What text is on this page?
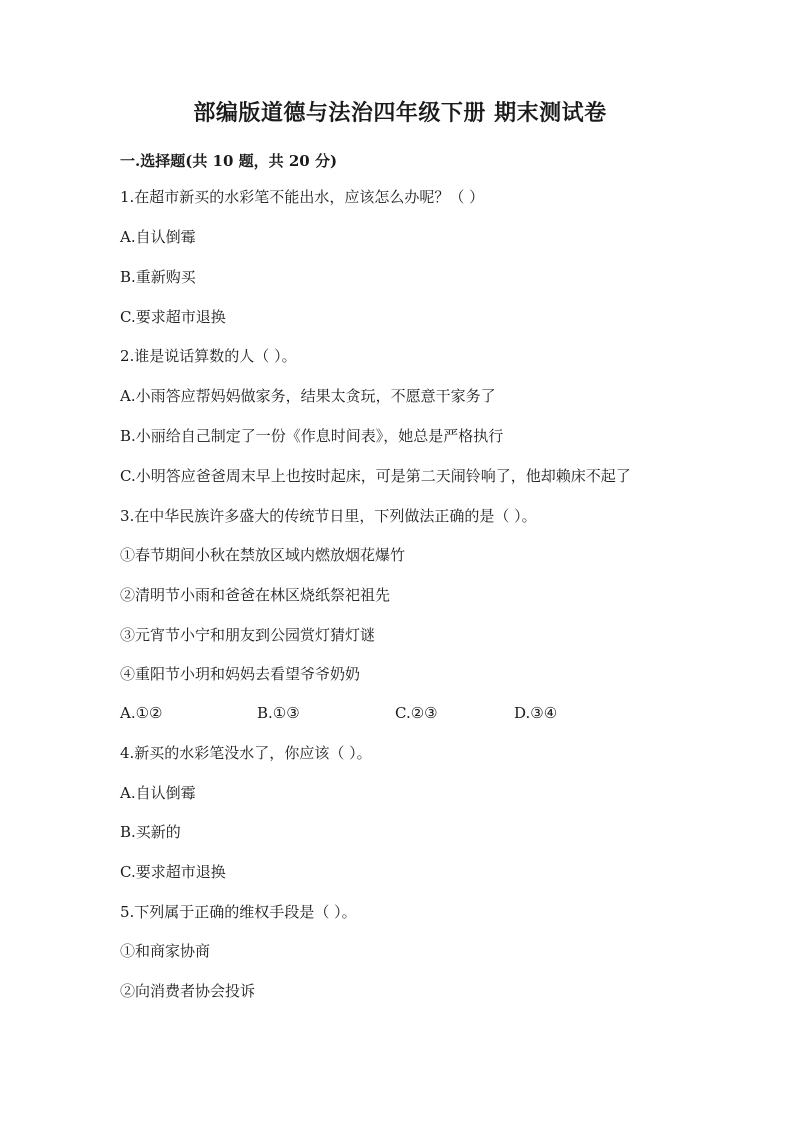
部编版道德与法治四年级下册 期末测试卷
一.选择题(共 10 题，共 20 分)
1.在超市新买的水彩笔不能出水，应该怎么办呢？（ ）
A.自认倒霉
B.重新购买
C.要求超市退换
2.谁是说话算数的人（ ）。
A.小雨答应帮妈妈做家务，结果太贪玩，不愿意干家务了
B.小丽给自己制定了一份《作息时间表》，她总是严格执行
C.小明答应爸爸周末早上也按时起床，可是第二天闹铃响了，他却赖床不起了
3.在中华民族许多盛大的传统节日里，下列做法正确的是（ ）。
①春节期间小秋在禁放区域内燃放烟花爆竹
②清明节小雨和爸爸在林区烧纸祭祀祖先
③元宵节小宁和朋友到公园赏灯猜灯谜
④重阳节小玥和妈妈去看望爷爷奶奶
A.①②	B.①③	C.②③	D.③④
4.新买的水彩笔没水了，你应该（ ）。
A.自认倒霉
B.买新的
C.要求超市退换
5.下列属于正确的维权手段是（ ）。
①和商家协商
②向消费者协会投诉
